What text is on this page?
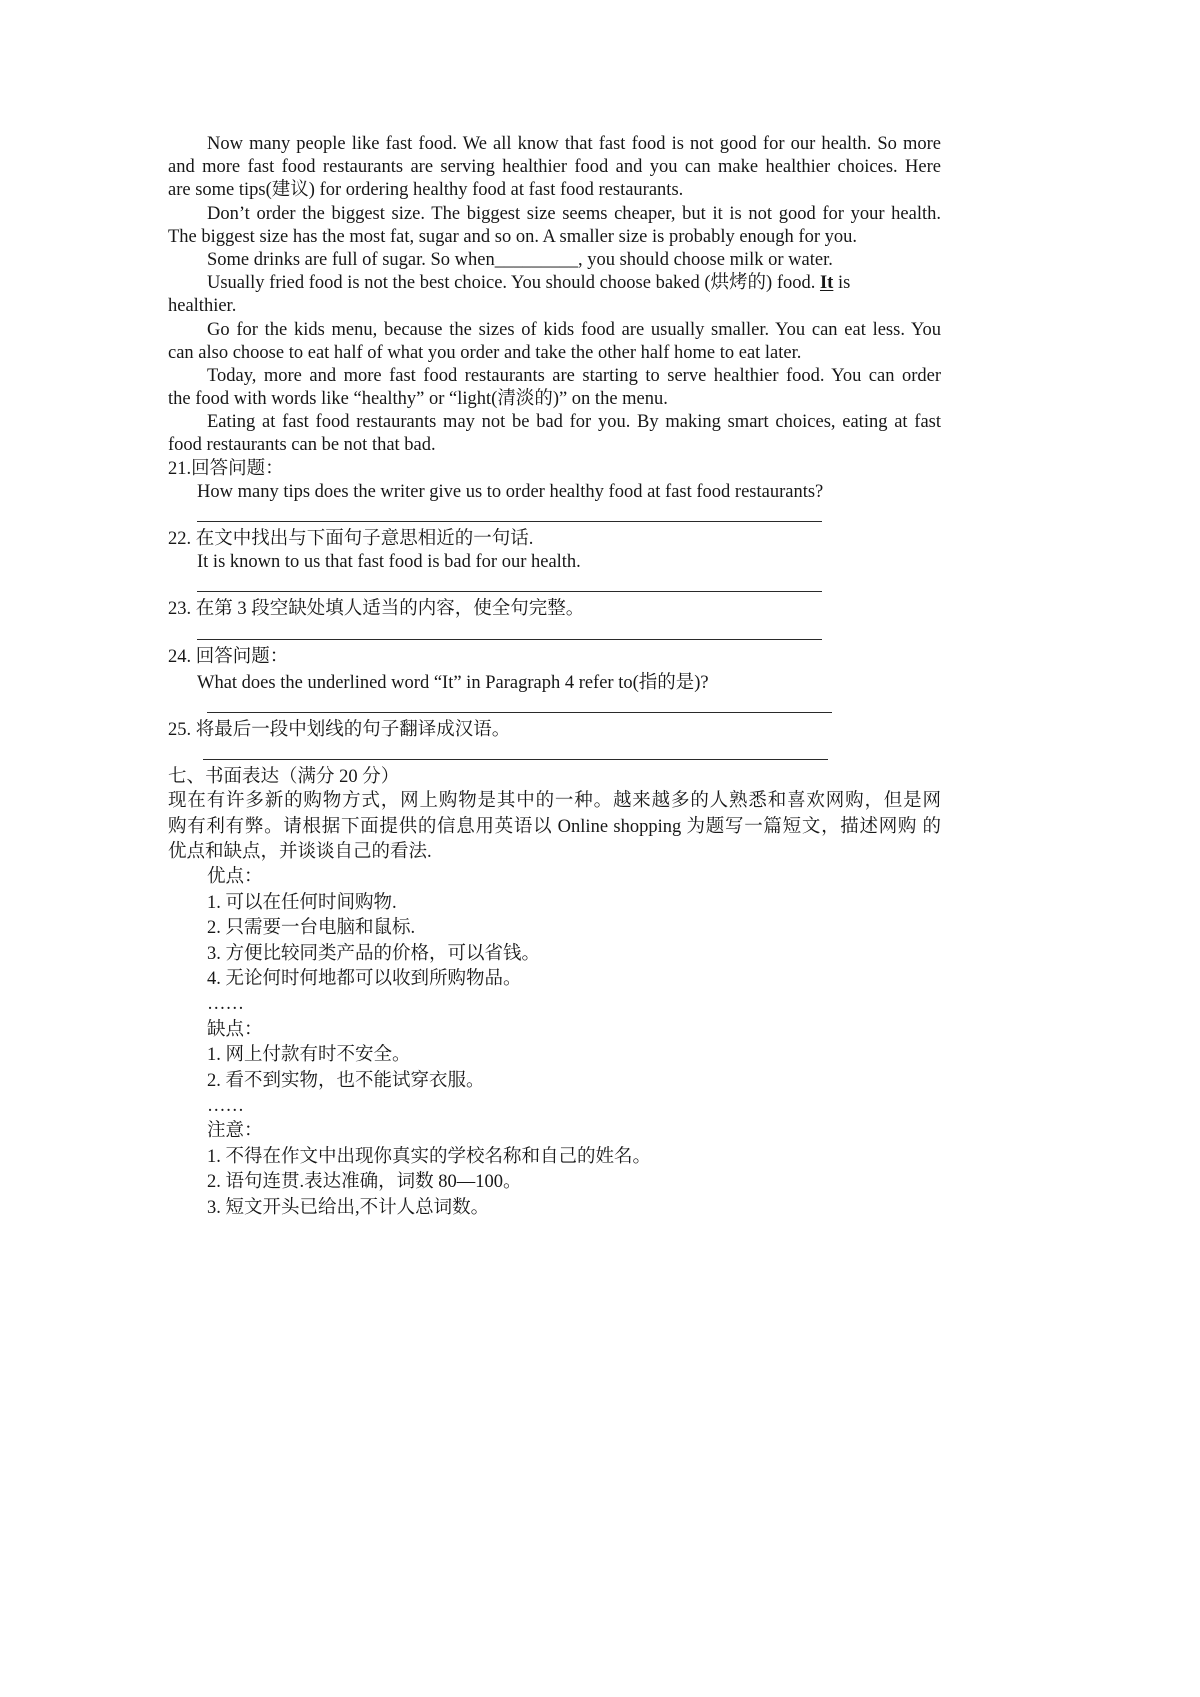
Now many people like fast food. We all know that fast food is not good for our health. So more
and more fast food restaurants are serving healthier food and you can make healthier choices. Here
are some tips(建议) for ordering healthy food at fast food restaurants.
Don’t order the biggest size. The biggest size seems cheaper, but it is not good for your health.
The biggest size has the most fat, sugar and so on. A smaller size is probably enough for you.
Some drinks are full of sugar. So when_________, you should choose milk or water.
Usually fried food is not the best choice. You should choose baked (烘烤的) food. It is
healthier.
Go for the kids menu, because the sizes of kids food are usually smaller. You can eat less. You
can also choose to eat half of what you order and take the other half home to eat later.
Today, more and more fast food restaurants are starting to serve healthier food. You can order
the food with words like “healthy” or “light(清淡的)” on the menu.
Eating at fast food restaurants may not be bad for you. By making smart choices, eating at fast
food restaurants can be not that bad.
21.回答问题：
How many tips does the writer give us to order healthy food at fast food restaurants?
22. 在文中找出与下面句子意思相近的一句话.
It is known to us that fast food is bad for our health.
23. 在第 3 段空缺处填人适当的内容，使全句完整。
24. 回答问题：
What does the underlined word “It” in Paragraph 4 refer to(指的是)?
25. 将最后一段中划线的句子翻译成汉语。
七、书面表达（满分 20 分）
现在有许多新的购物方式，网上购物是其中的一种。越来越多的人熟悉和喜欢网购，但是网
购有利有弊。请根据下面提供的信息用英语以 Online shopping 为题写一篇短文，描述网购 的
优点和缺点，并谈谈自己的看法.
优点：
1. 可以在任何时间购物.
2. 只需要一台电脑和鼠标.
3. 方便比较同类产品的价格，可以省钱。
4. 无论何时何地都可以收到所购物品。
……
缺点：
1. 网上付款有时不安全。
2. 看不到实物，也不能试穿衣服。
……
注意：
1. 不得在作文中出现你真实的学校名称和自己的姓名。
2. 语句连贯.表达准确，词数 80—100。
3. 短文开头已给出,不计人总词数。
